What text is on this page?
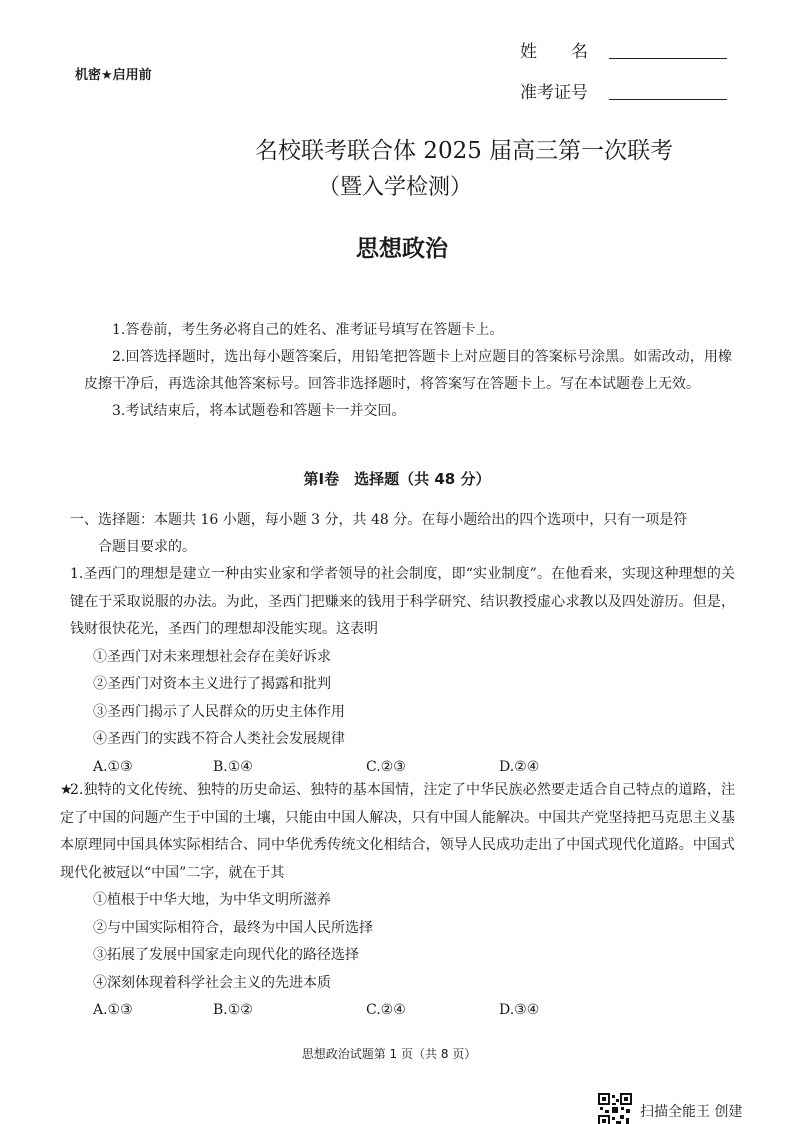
机密★启用前
姓　　名
准考证号
名校联考联合体 2025 届高三第一次联考
（暨入学检测）
思想政治

1.答卷前，考生务必将自己的姓名、准考证号填写在答题卡上。

2.回答选择题时，选出每小题答案后，用铅笔把答题卡上对应题目的答案标号涂黑。如需改动，用橡皮擦干净后，再选涂其他答案标号。回答非选择题时，将答案写在答题卡上。写在本试题卷上无效。

3.考试结束后，将本试题卷和答题卡一并交回。

第Ⅰ卷　选择题（共 48 分）
一、选择题：本题共 16 小题，每小题 3 分，共 48 分。在每小题给出的四个选项中，只有一项是符
合题目要求的。
1.圣西门的理想是建立一种由实业家和学者领导的社会制度，即“实业制度”。在他看来，实现这种理想的关键在于采取说服的办法。为此，圣西门把赚来的钱用于科学研究、结识教授虚心求教以及四处游历。但是，钱财很快花光，圣西门的理想却没能实现。这表明
①圣西门对未来理想社会存在美好诉求
②圣西门对资本主义进行了揭露和批判
③圣西门揭示了人民群众的历史主体作用
④圣西门的实践不符合人类社会发展规律
A.①③	B.①④	C.②③	D.②④
★2.独特的文化传统、独特的历史命运、独特的基本国情，注定了中华民族必然要走适合自己特点的道路，注定了中国的问题产生于中国的土壤，只能由中国人解决，只有中国人能解决。中国共产党坚持把马克思主义基本原理同中国具体实际相结合、同中华优秀传统文化相结合，领导人民成功走出了中国式现代化道路。中国式现代化被冠以“中国”二字，就在于其
①植根于中华大地，为中华文明所滋养
②与中国实际相符合，最终为中国人民所选择
③拓展了发展中国家走向现代化的路径选择
④深刻体现着科学社会主义的先进本质
A.①③	B.①②	C.②④	D.③④
思想政治试题第 1 页（共 8 页）
扫描全能王 创建
